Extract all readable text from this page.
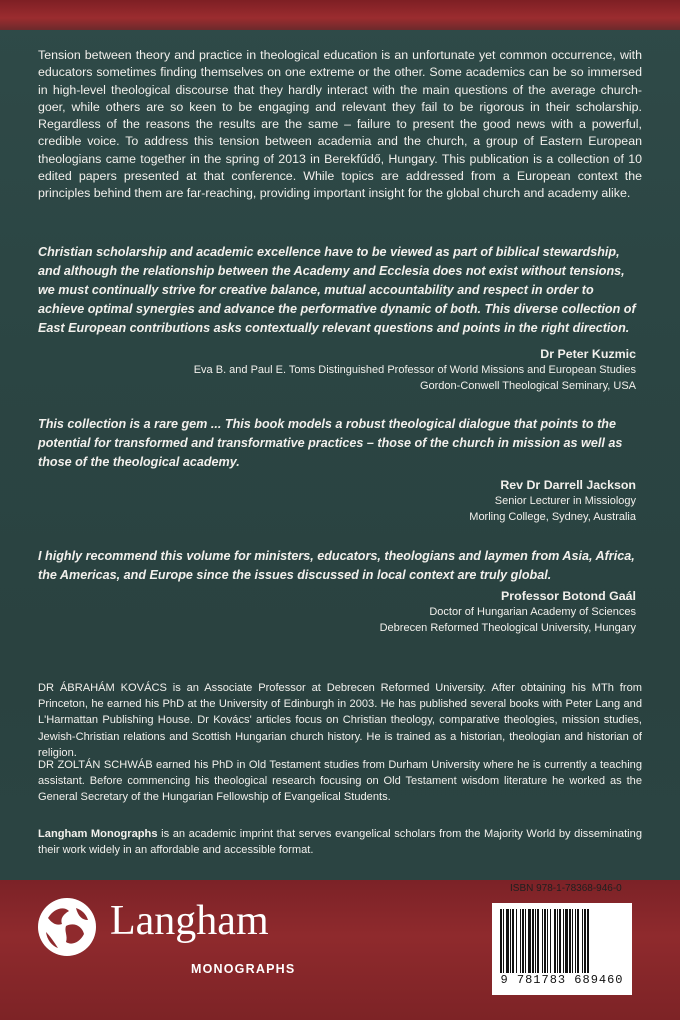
Tension between theory and practice in theological education is an unfortunate yet common occurrence, with educators sometimes finding themselves on one extreme or the other. Some academics can be so immersed in high-level theological discourse that they hardly interact with the main questions of the average church-goer, while others are so keen to be engaging and relevant they fail to be rigorous in their scholarship. Regardless of the reasons the results are the same – failure to present the good news with a powerful, credible voice. To address this tension between academia and the church, a group of Eastern European theologians came together in the spring of 2013 in Berekfűdő, Hungary. This publication is a collection of 10 edited papers presented at that conference. While topics are addressed from a European context the principles behind them are far-reaching, providing important insight for the global church and academy alike.

Christian scholarship and academic excellence have to be viewed as part of biblical stewardship, and although the relationship between the Academy and Ecclesia does not exist without tensions, we must continually strive for creative balance, mutual accountability and respect in order to achieve optimal synergies and advance the performative dynamic of both. This diverse collection of East European contributions asks contextually relevant questions and points in the right direction.

Dr Peter Kuzmic
Eva B. and Paul E. Toms Distinguished Professor of World Missions and European Studies
Gordon-Conwell Theological Seminary, USA

This collection is a rare gem ... This book models a robust theological dialogue that points to the potential for transformed and transformative practices – those of the church in mission as well as those of the theological academy.

Rev Dr Darrell Jackson
Senior Lecturer in Missiology
Morling College, Sydney, Australia

I highly recommend this volume for ministers, educators, theologians and laymen from Asia, Africa, the Americas, and Europe since the issues discussed in local context are truly global.

Professor Botond Gaál
Doctor of Hungarian Academy of Sciences
Debrecen Reformed Theological University, Hungary

DR ÁBRAHÁM KOVÁCS is an Associate Professor at Debrecen Reformed University. After obtaining his MTh from Princeton, he earned his PhD at the University of Edinburgh in 2003. He has published several books with Peter Lang and L'Harmattan Publishing House. Dr Kovács' articles focus on Christian theology, comparative theologies, mission studies, Jewish-Christian relations and Scottish Hungarian church history. He is trained as a historian, theologian and historian of religion.

DR ZOLTÁN SCHWÁB earned his PhD in Old Testament studies from Durham University where he is currently a teaching assistant. Before commencing his theological research focusing on Old Testament wisdom literature he worked as the General Secretary of the Hungarian Fellowship of Evangelical Students.

Langham Monographs is an academic imprint that serves evangelical scholars from the Majority World by disseminating their work widely in an affordable and accessible format.

Langham
MONOGRAPHS
ISBN 978-1-78368-946-0
9 781783 689460
